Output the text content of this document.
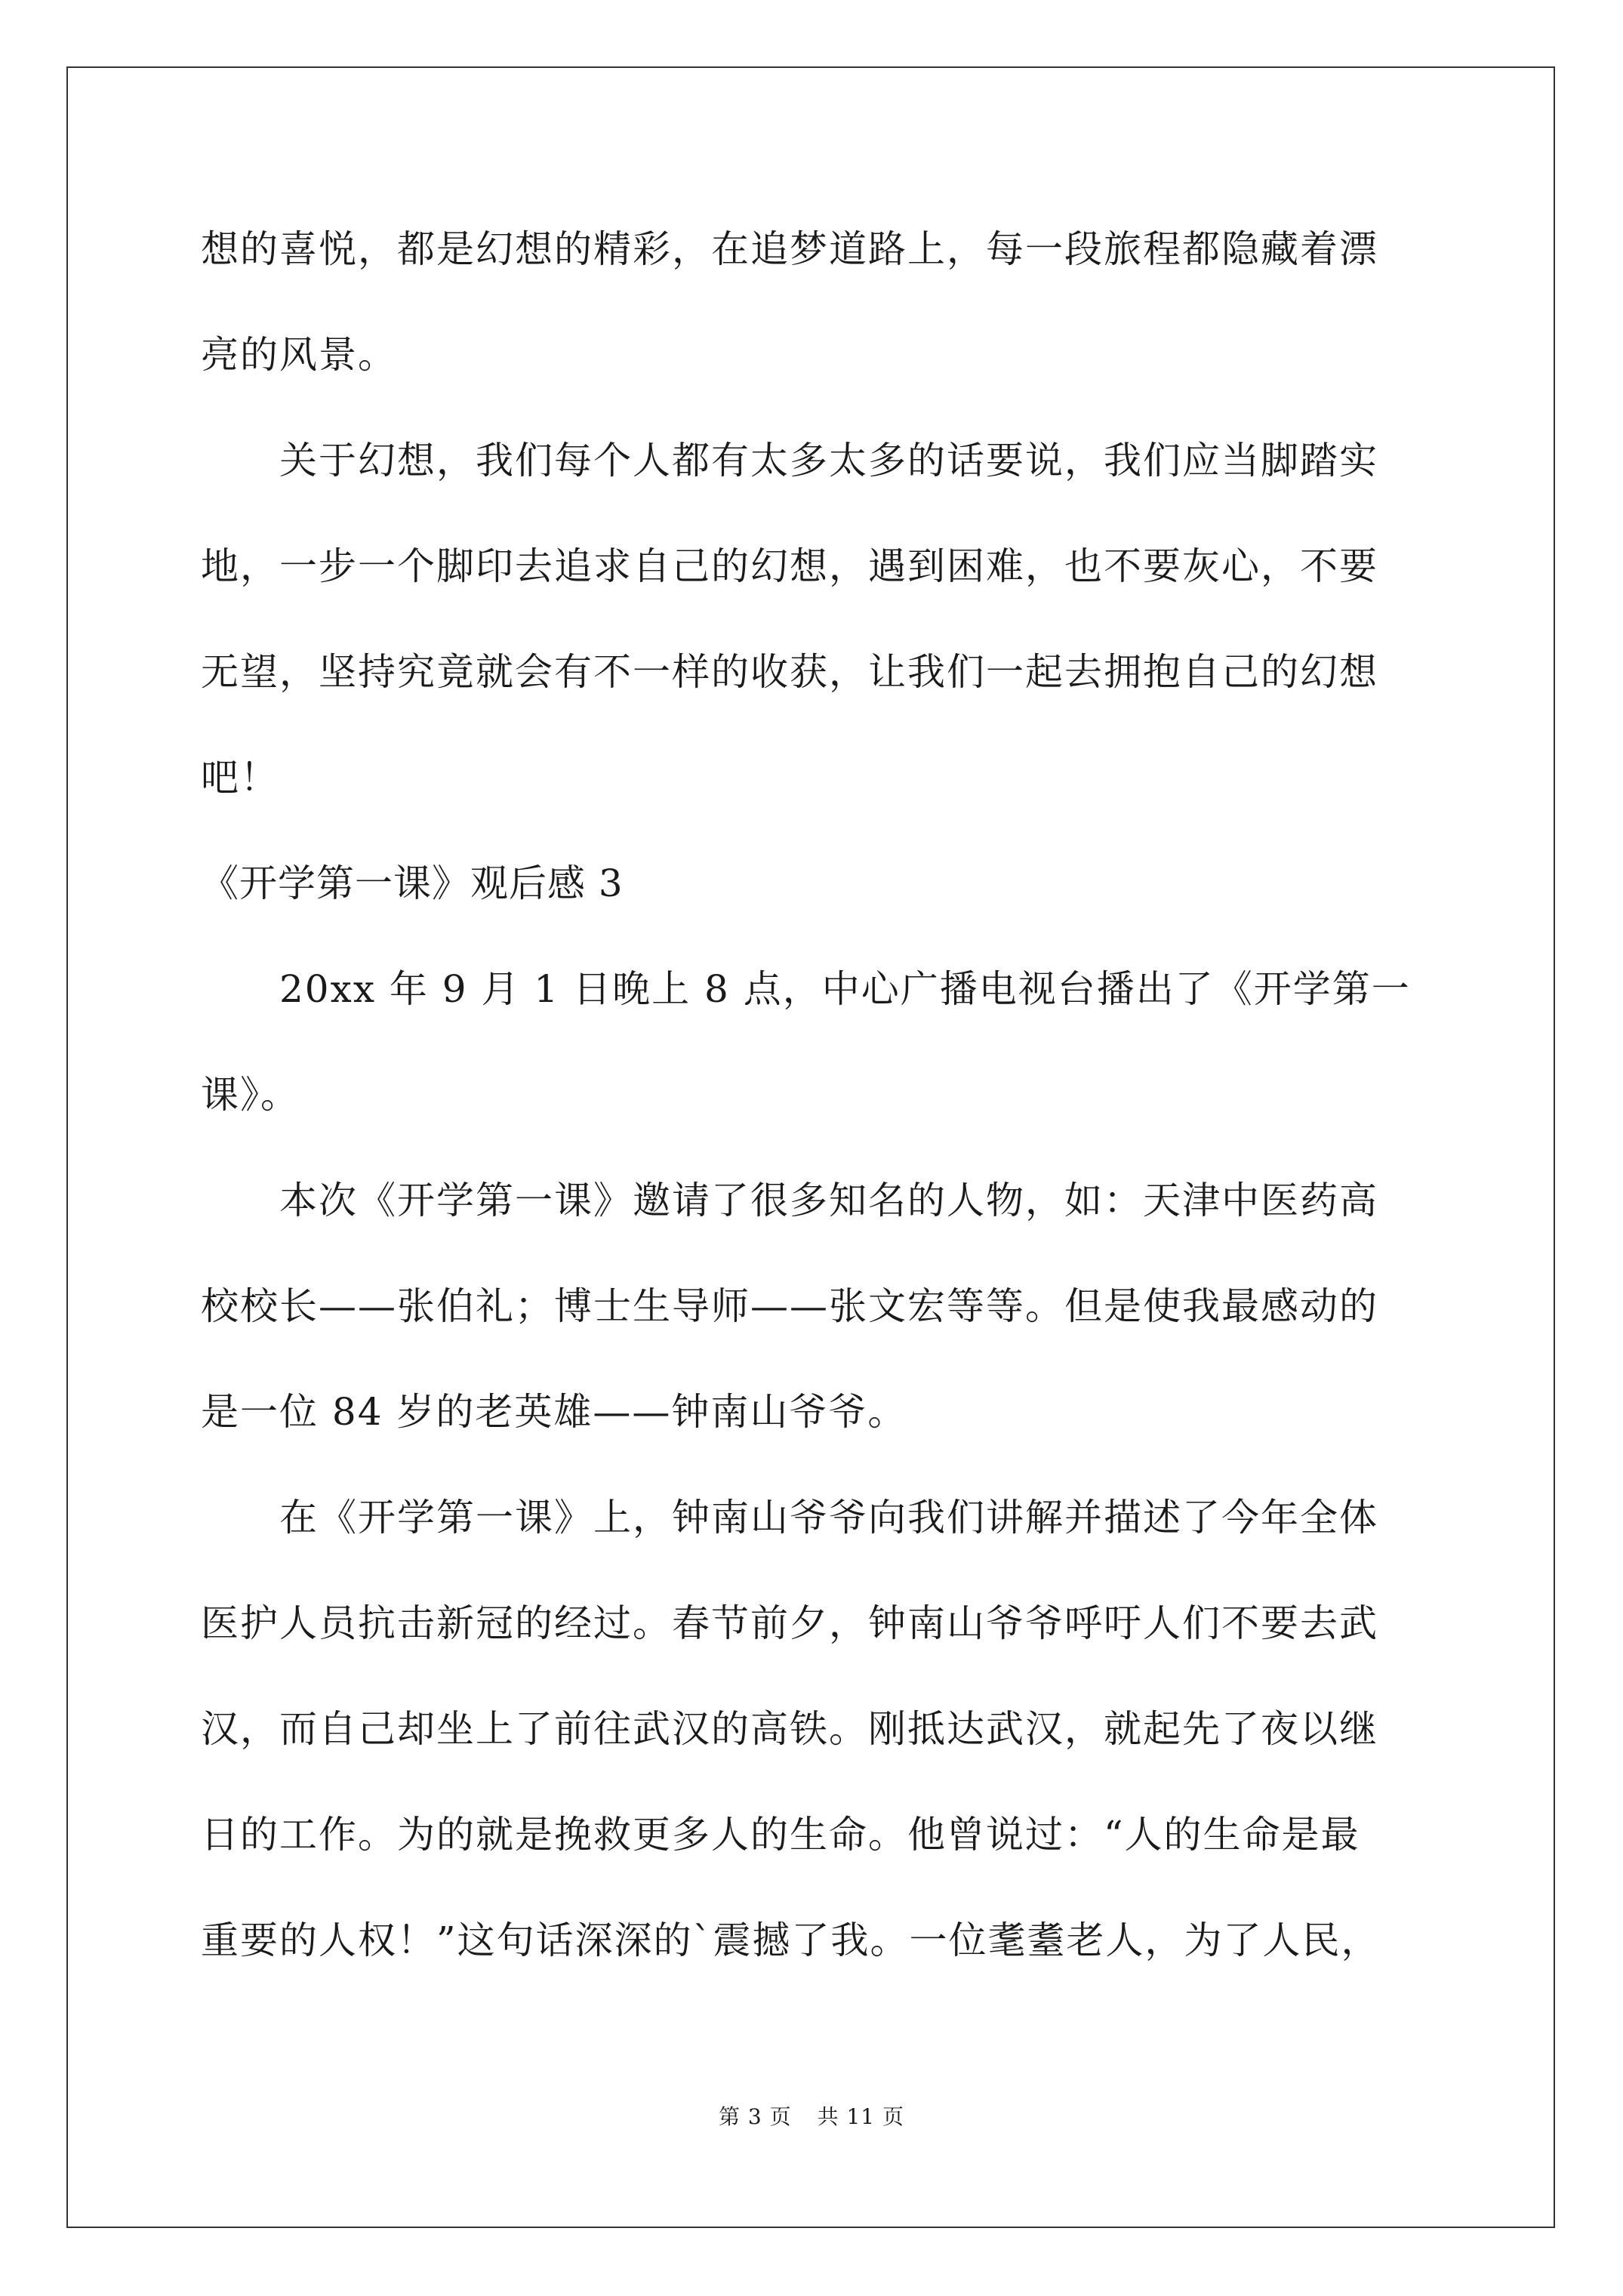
想的喜悦，都是幻想的精彩，在追梦道路上，每一段旅程都隐藏着漂
亮的风景。
关于幻想，我们每个人都有太多太多的话要说，我们应当脚踏实
地，一步一个脚印去追求自己的幻想，遇到困难，也不要灰心，不要
无望，坚持究竟就会有不一样的收获，让我们一起去拥抱自己的幻想
吧！
《开学第一课》观后感 3
20xx 年 9 月 1 日晚上 8 点，中心广播电视台播出了《开学第一
课》。
本次《开学第一课》邀请了很多知名的人物，如：天津中医药高
校校长——张伯礼；博士生导师——张文宏等等。但是使我最感动的
是一位 84 岁的老英雄——钟南山爷爷。
在《开学第一课》上，钟南山爷爷向我们讲解并描述了今年全体
医护人员抗击新冠的经过。春节前夕，钟南山爷爷呼吁人们不要去武
汉，而自己却坐上了前往武汉的高铁。刚抵达武汉，就起先了夜以继
日的工作。为的就是挽救更多人的生命。他曾说过：“人的生命是最
重要的人权！”这句话深深的`震撼了我。一位耄耋老人，为了人民，
第 3 页 共 11 页
